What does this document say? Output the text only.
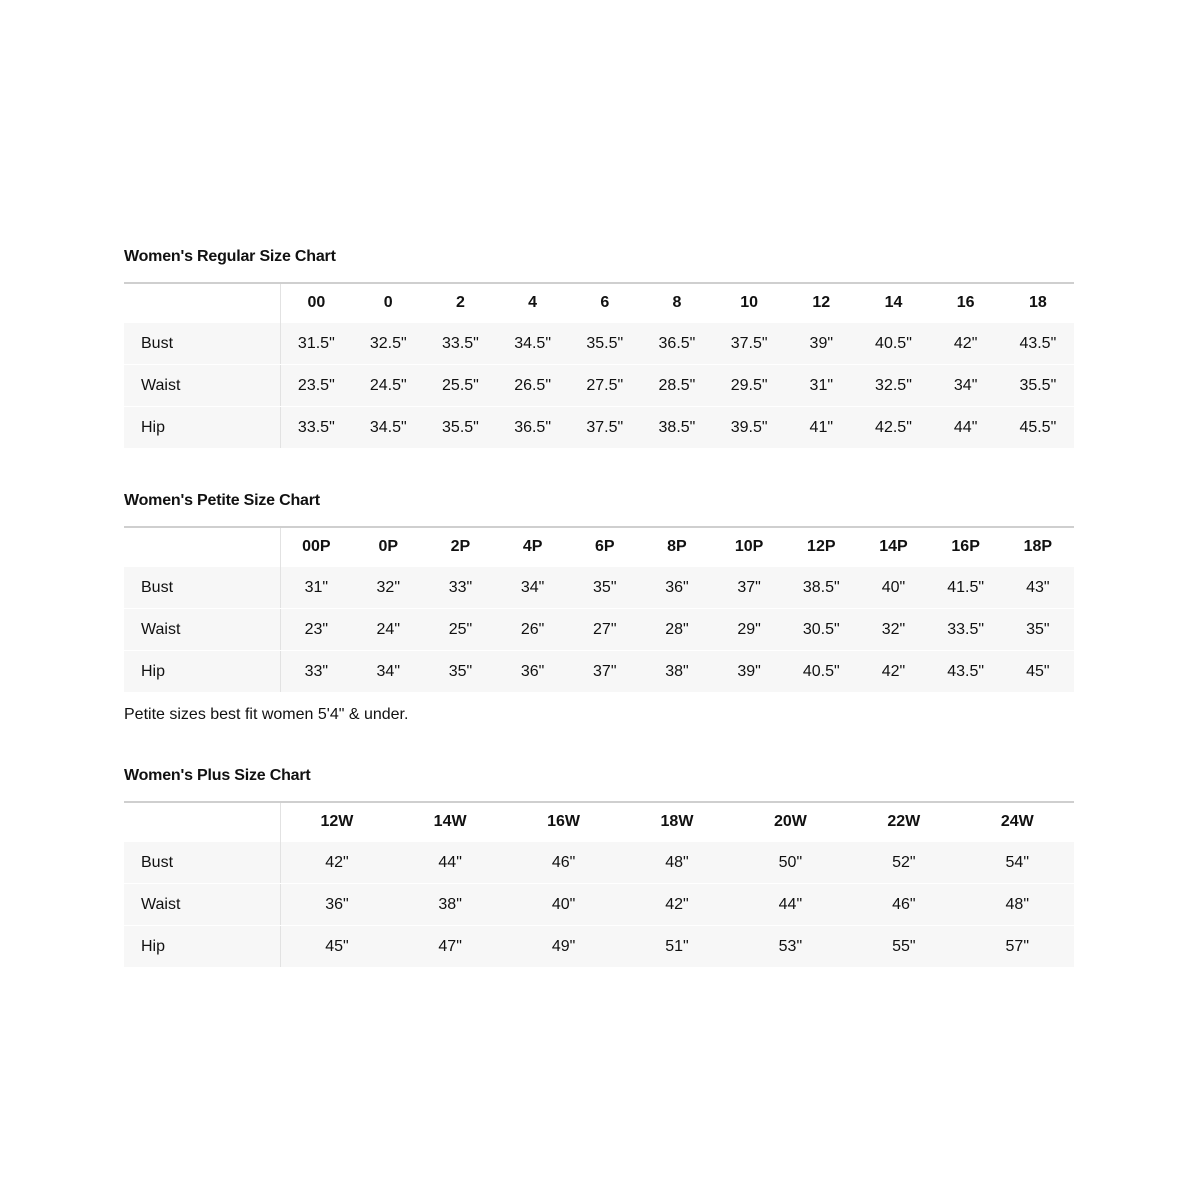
Women's Regular Size Chart
	00	0	2	4	6	8	10	12	14	16	18
Bust	31.5"	32.5"	33.5"	34.5"	35.5"	36.5"	37.5"	39"	40.5"	42"	43.5"
Waist	23.5"	24.5"	25.5"	26.5"	27.5"	28.5"	29.5"	31"	32.5"	34"	35.5"
Hip	33.5"	34.5"	35.5"	36.5"	37.5"	38.5"	39.5"	41"	42.5"	44"	45.5"
Women's Petite Size Chart
	00P	0P	2P	4P	6P	8P	10P	12P	14P	16P	18P
Bust	31"	32"	33"	34"	35"	36"	37"	38.5"	40"	41.5"	43"
Waist	23"	24"	25"	26"	27"	28"	29"	30.5"	32"	33.5"	35"
Hip	33"	34"	35"	36"	37"	38"	39"	40.5"	42"	43.5"	45"
Petite sizes best fit women 5'4" & under.
Women's Plus Size Chart
	12W	14W	16W	18W	20W	22W	24W
Bust	42"	44"	46"	48"	50"	52"	54"
Waist	36"	38"	40"	42"	44"	46"	48"
Hip	45"	47"	49"	51"	53"	55"	57"
